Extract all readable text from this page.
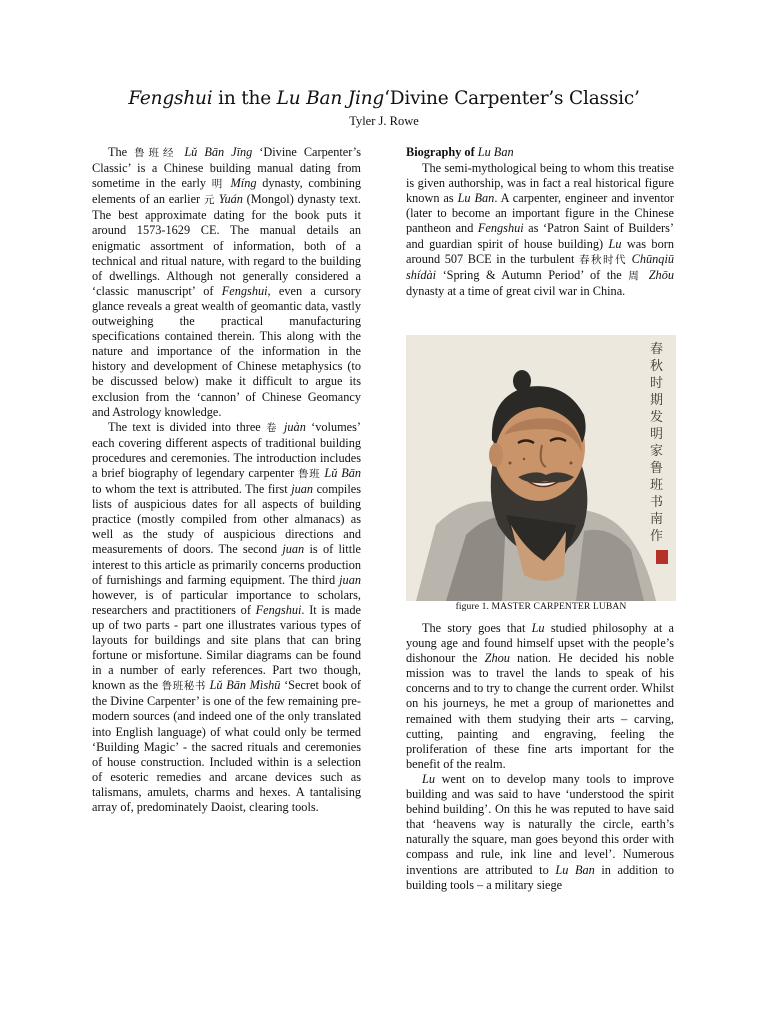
Fengshui in the Lu Ban Jing‘Divine Carpenter’s Classic’
Tyler J. Rowe

The 鲁班经 Lǔ Bān Jīng ‘Divine Carpenter’s Classic’ is a Chinese building manual dating from sometime in the early 明 Míng dynasty, combining elements of an earlier 元 Yuán (Mongol) dynasty text. The best approximate dating for the book puts it around 1573-1629 CE. The manual details an enigmatic assortment of information, both of a technical and ritual nature, with regard to the building of dwellings. Although not generally considered a ‘classic manuscript’ of Fengshui, even a cursory glance reveals a great wealth of geomantic data, vastly outweighing the practical manufacturing specifications contained therein. This along with the nature and importance of the information in the history and development of Chinese metaphysics (to be discussed below) make it difficult to argue its exclusion from the ‘cannon’ of Chinese Geomancy and Astrology knowledge.

The text is divided into three 卷 juàn ‘volumes’ each covering different aspects of traditional building procedures and ceremonies. The introduction includes a brief biography of legendary carpenter 鲁班 Lǔ Bān to whom the text is attributed. The first juan compiles lists of auspicious dates for all aspects of building practice (mostly compiled from other almanacs) as well as the study of auspicious directions and measurements of doors. The second juan is of little interest to this article as primarily concerns production of furnishings and farming equipment. The third juan however, is of particular importance to scholars, researchers and practitioners of Fengshui. It is made up of two parts - part one illustrates various types of layouts for buildings and site plans that can bring fortune or misfortune. Similar diagrams can be found in a number of early references. Part two though, known as the 鲁班秘书 Lǔ Bān Mìshū ‘Secret book of the Divine Carpenter’ is one of the few remaining pre-modern sources (and indeed one of the only translated into English language) of what could only be termed ‘Building Magic’ - the sacred rituals and ceremonies of house construction. Included within is a selection of esoteric remedies and arcane devices such as talismans, amulets, charms and hexes. A tantalising array of, predominately Daoist, clearing tools.

Biography of Lu Ban

The semi-mythological being to whom this treatise is given authorship, was in fact a real historical figure known as Lu Ban. A carpenter, engineer and inventor (later to become an important figure in the Chinese pantheon and Fengshui as ‘Patron Saint of Builders’ and guardian spirit of house building) Lu was born around 507 BCE in the turbulent 春秋时代 Chūnqiū shídài ‘Spring & Autumn Period’ of the 周 Zhōu dynasty at a time of great civil war in China.

春秋时期发明家鲁班 书南作
figure 1. MASTER CARPENTER LUBAN

The story goes that Lu studied philosophy at a young age and found himself upset with the people’s dishonour the Zhou nation. He decided his noble mission was to travel the lands to speak of his concerns and to try to change the current order. Whilst on his journeys, he met a group of marionettes and remained with them studying their arts – carving, cutting, painting and engraving, feeling the proliferation of these fine arts important for the benefit of the realm.

Lu went on to develop many tools to improve building and was said to have ‘understood the spirit behind building’. On this he was reputed to have said that ‘heavens way is naturally the circle, earth’s naturally the square, man goes beyond this order with compass and rule, ink line and level’. Numerous inventions are attributed to Lu Ban in addition to building tools – a military siege
